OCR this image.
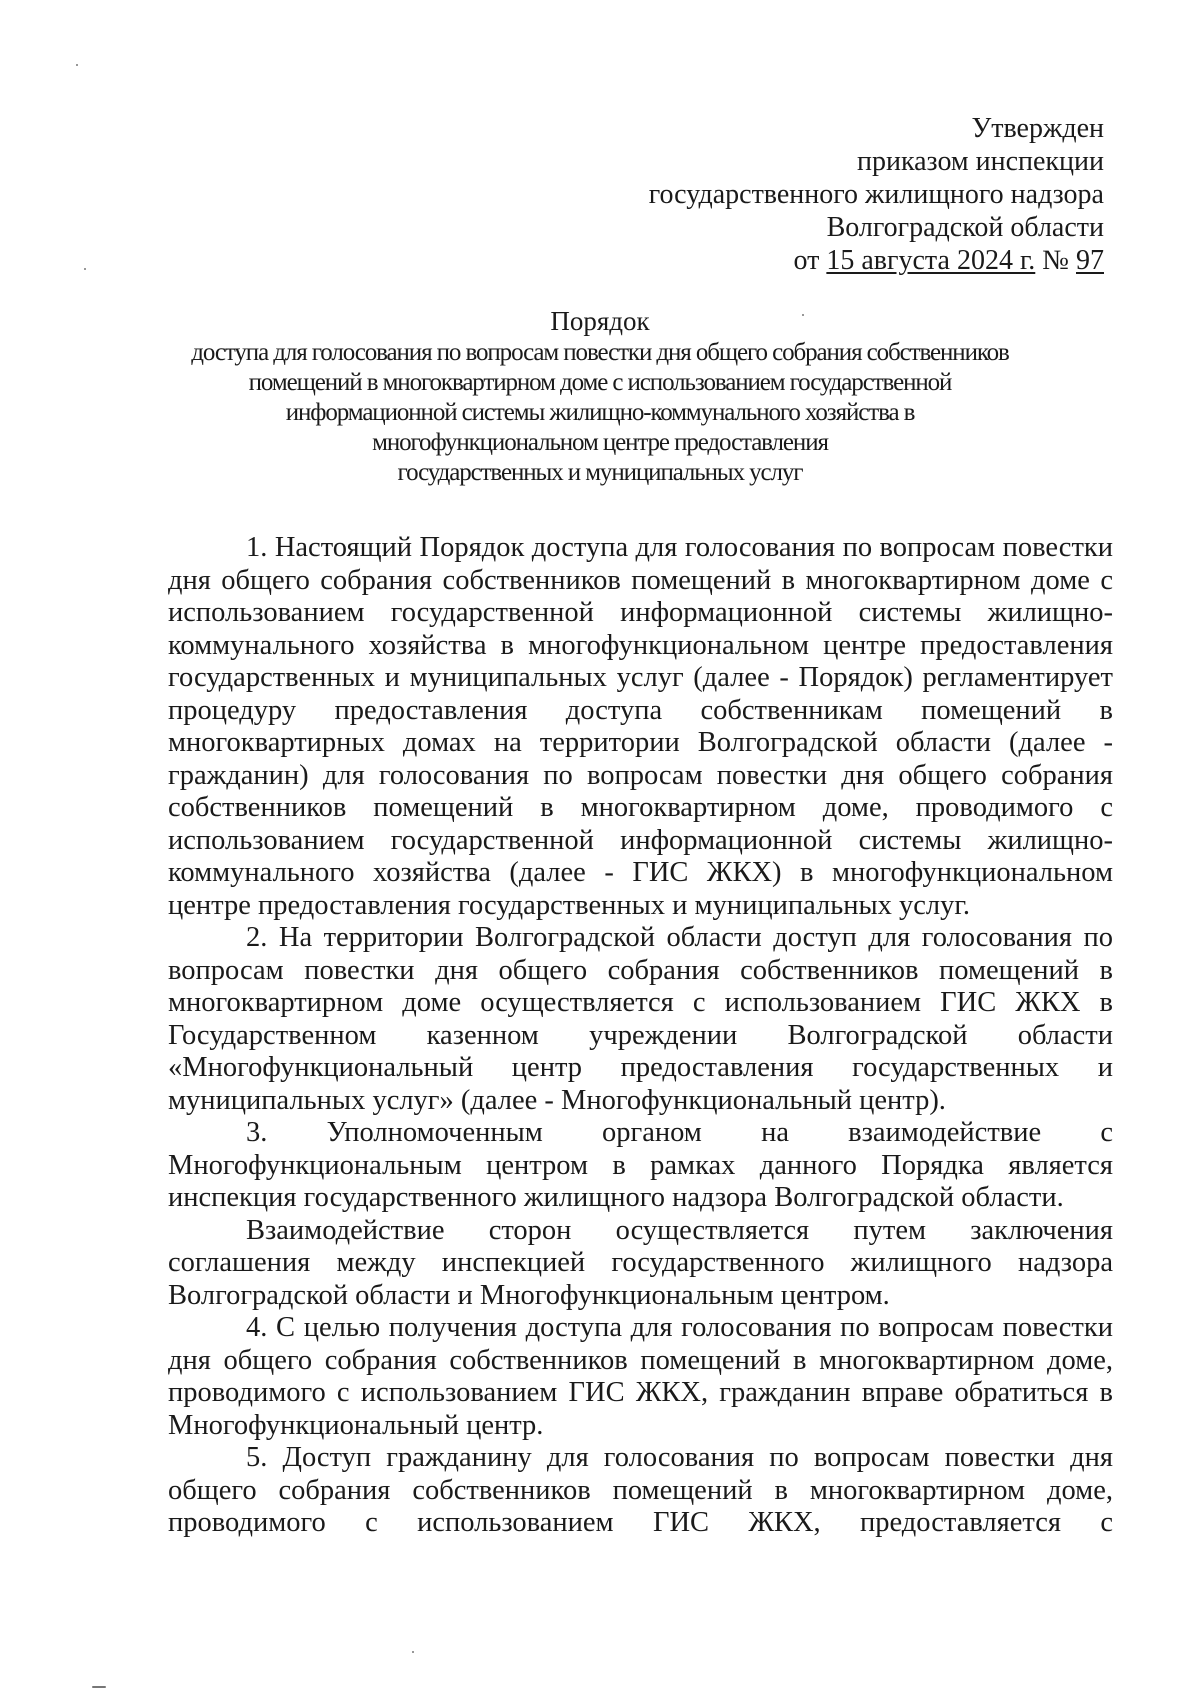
Утвержден
приказом инспекции
государственного жилищного надзора
Волгоградской области
от 15 августа 2024 г. № 97
Порядок
доступа для голосования по вопросам повестки дня общего собрания собственников
помещений в многоквартирном доме с использованием государственной
информационной системы жилищно-коммунального хозяйства в
многофункциональном центре предоставления
государственных и муниципальных услуг

1. Настоящий Порядок доступа для голосования по вопросам повестки дня общего собрания собственников помещений в многоквартирном доме с использованием государственной информационной системы жилищно-коммунального хозяйства в многофункциональном центре предоставления государственных и муниципальных услуг (далее - Порядок) регламентирует процедуру предоставления доступа собственникам помещений в многоквартирных домах на территории Волгоградской области (далее - гражданин) для голосования по вопросам повестки дня общего собрания собственников помещений в многоквартирном доме, проводимого с использованием государственной информационной системы жилищно-коммунального хозяйства (далее - ГИС ЖКХ) в многофункциональном центре предоставления государственных и муниципальных услуг.

2. На территории Волгоградской области доступ для голосования по вопросам повестки дня общего собрания собственников помещений в многоквартирном доме осуществляется с использованием ГИС ЖКХ в Государственном казенном учреждении Волгоградской области «Многофункциональный центр предоставления государственных и муниципальных услуг» (далее - Многофункциональный центр).

3. Уполномоченным органом на взаимодействие с Многофункциональным центром в рамках данного Порядка является инспекция государственного жилищного надзора Волгоградской области.

Взаимодействие сторон осуществляется путем заключения соглашения между инспекцией государственного жилищного надзора Волгоградской области и Многофункциональным центром.

4. С целью получения доступа для голосования по вопросам повестки дня общего собрания собственников помещений в многоквартирном доме, проводимого с использованием ГИС ЖКХ, гражданин вправе обратиться в Многофункциональный центр.

5. Доступ гражданину для голосования по вопросам повестки дня общего собрания собственников помещений в многоквартирном доме, проводимого с использованием ГИС ЖКХ, предоставляется с
